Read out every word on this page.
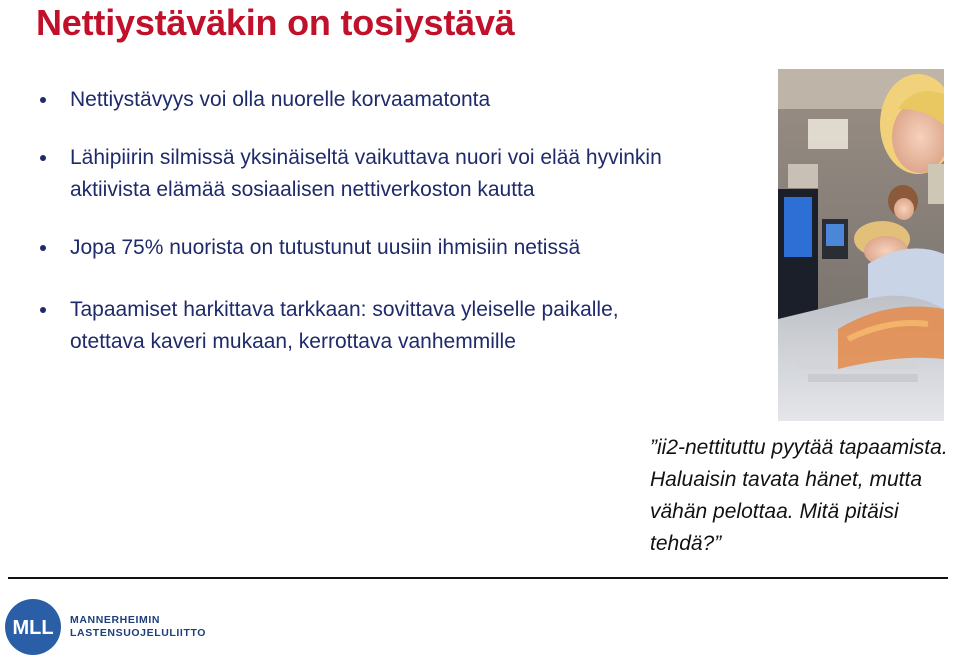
Nettiystävä​kin on tosiystävä
Nettiystävyys voi olla nuorelle korvaamatonta
Lähipiirin silmissä yksinäiseltä vaikuttava nuori voi elää hyvinkin aktiivista elämää sosiaalisen nettiverkoston kautta
Jopa 75% nuorista on tutustunut uusiin ihmisiin netissä
Tapaamiset harkittava tarkkaan: sovittava yleiselle paikalle, otettava kaveri mukaan, kerrottava vanhemmille

”ii2-nettituttu pyytää tapaamista. Haluaisin tavata hänet, mutta vähän pelottaa. Mitä pitäisi tehdä?”

MLL MANNERHEIMIN
LASTENSUOJELULIITTO
